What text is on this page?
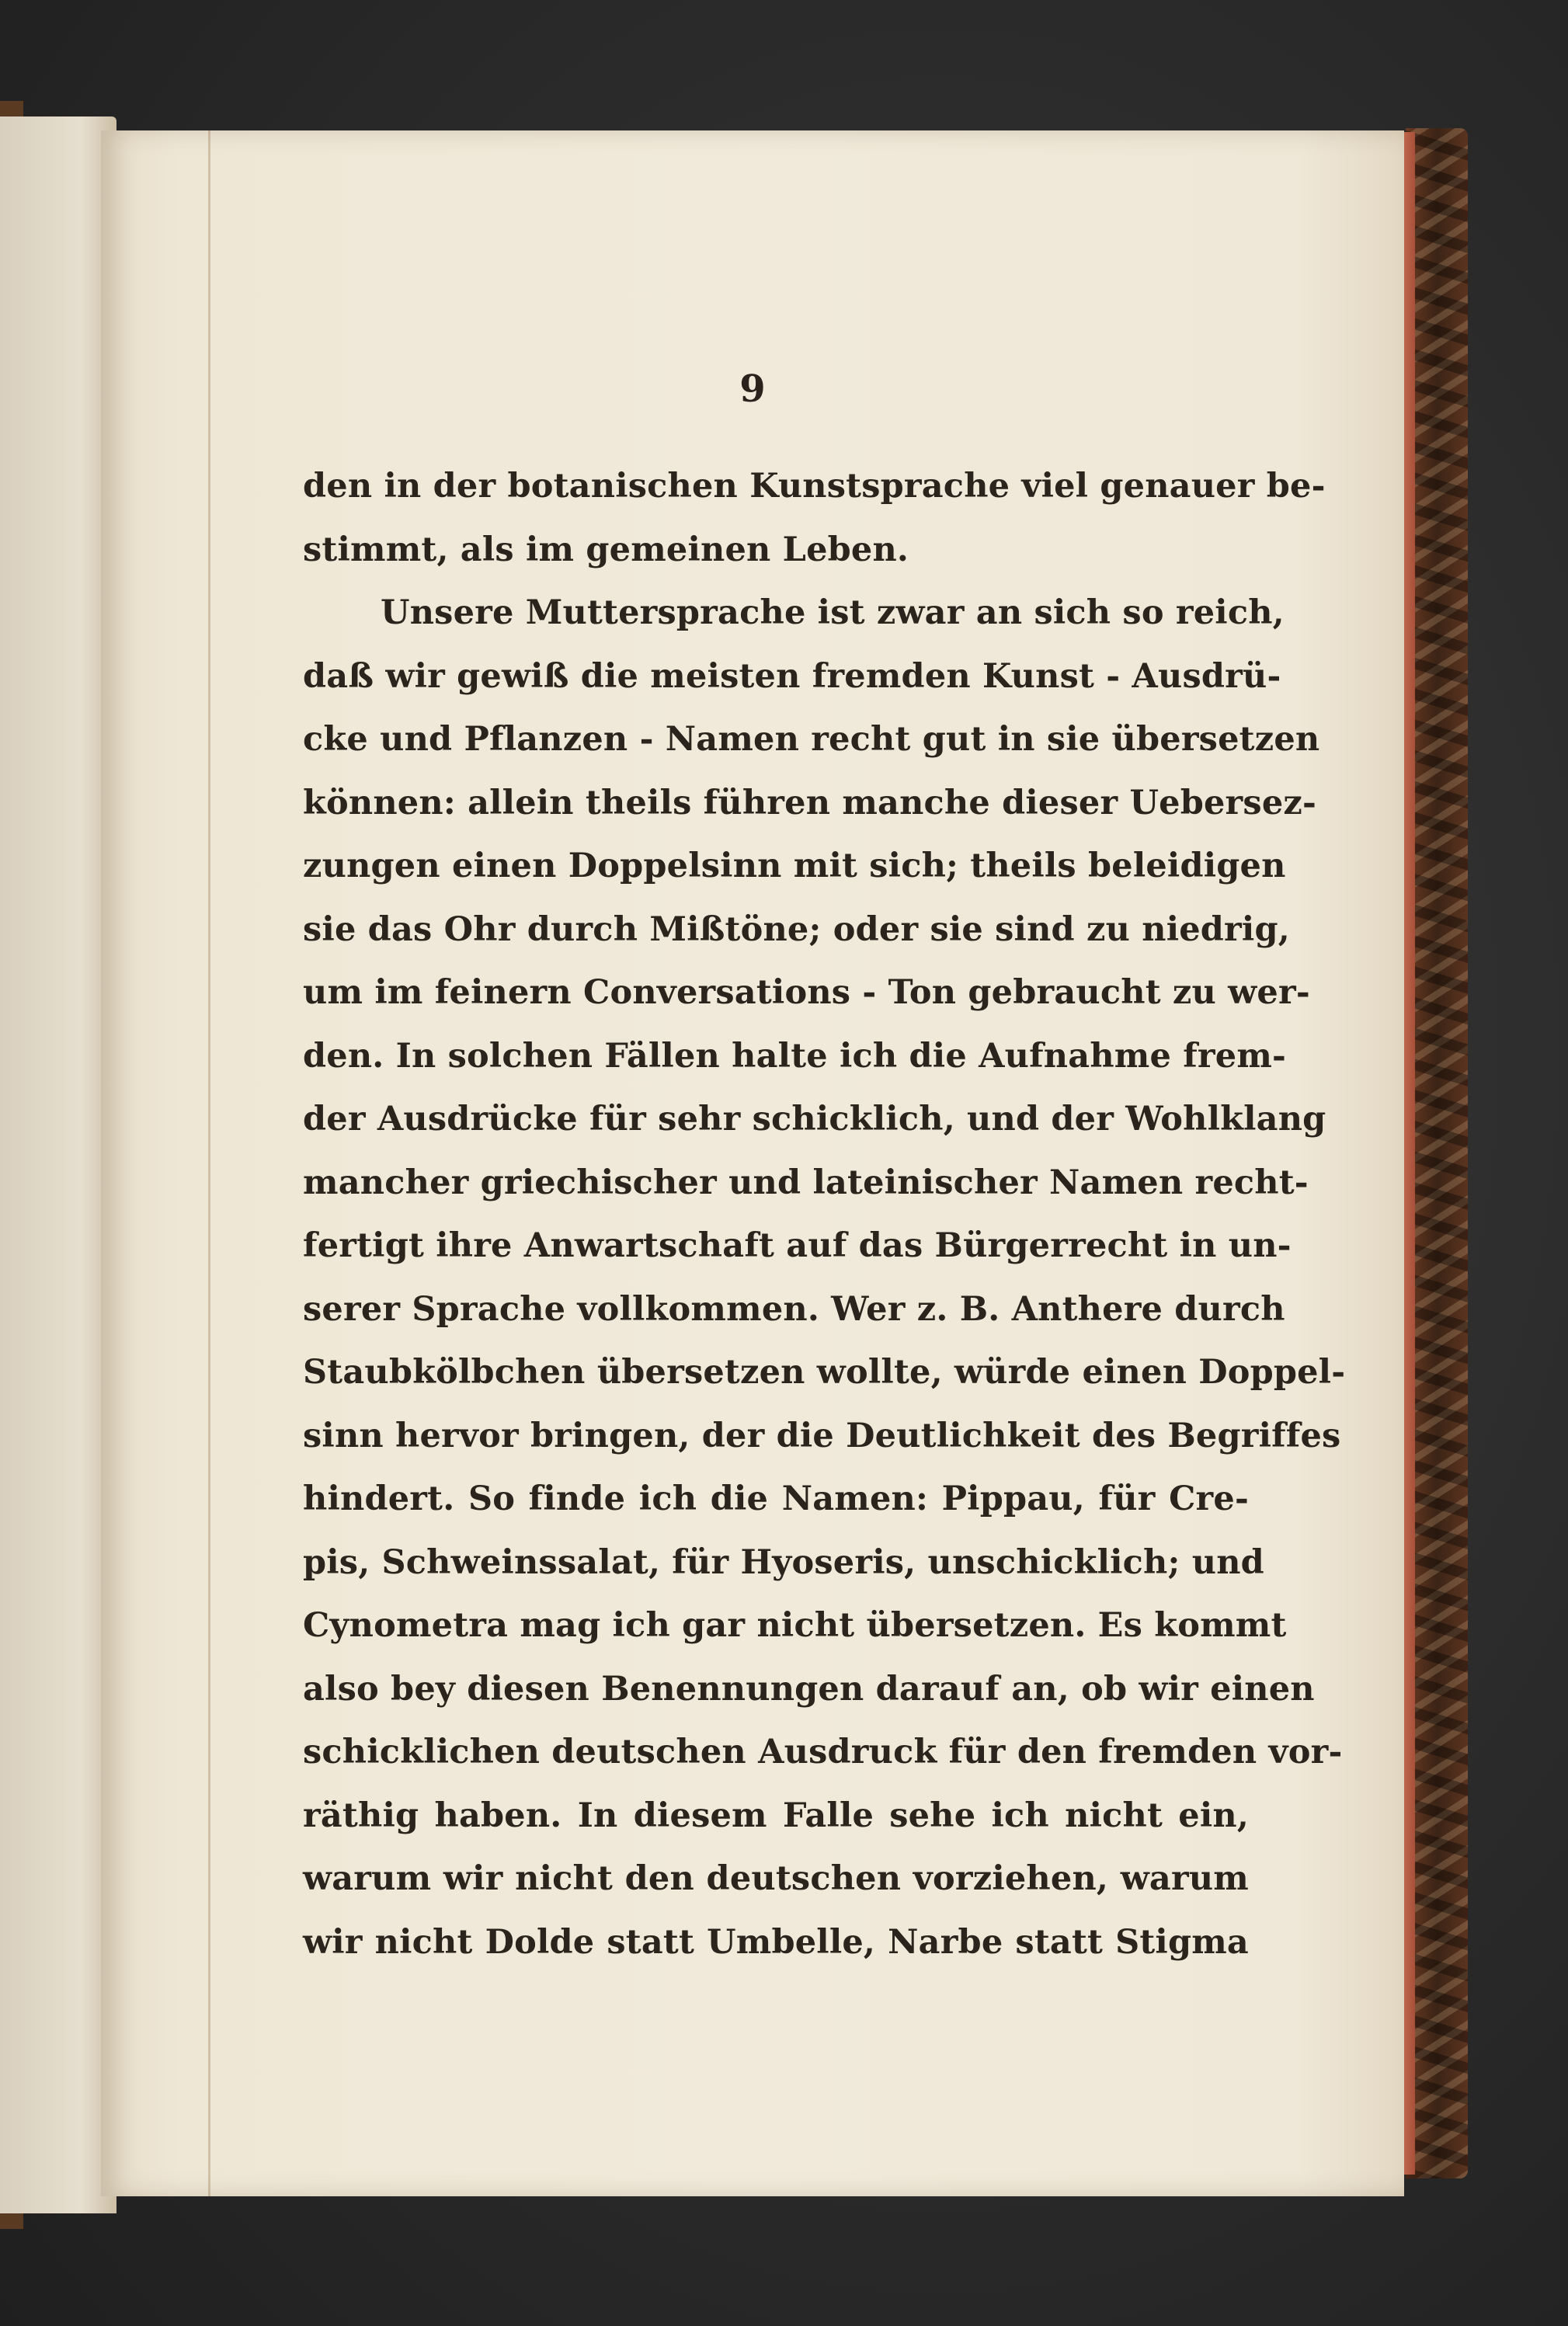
9
den in der botanischen Kunstsprache viel genauer be-
stimmt, als im gemeinen Leben.
Unsere Muttersprache ist zwar an sich so reich,
daß wir gewiß die meisten fremden Kunst - Ausdrü-
cke und Pflanzen - Namen recht gut in sie übersetzen
können: allein theils führen manche dieser Uebersez-
zungen einen Doppelsinn mit sich; theils beleidigen
sie das Ohr durch Mißtöne; oder sie sind zu niedrig,
um im feinern Conversations - Ton gebraucht zu wer-
den. In solchen Fällen halte ich die Aufnahme frem-
der Ausdrücke für sehr schicklich, und der Wohlklang
mancher griechischer und lateinischer Namen recht-
fertigt ihre Anwartschaft auf das Bürgerrecht in un-
serer Sprache vollkommen. Wer z. B. Anthere durch
Staubkölbchen übersetzen wollte, würde einen Doppel-
sinn hervor bringen, der die Deutlichkeit des Begriffes
hindert. So finde ich die Namen: Pippau, für Cre-
pis, Schweinssalat, für Hyoseris, unschicklich; und
Cynometra mag ich gar nicht übersetzen. Es kommt
also bey diesen Benennungen darauf an, ob wir einen
schicklichen deutschen Ausdruck für den fremden vor-
räthig haben. In diesem Falle sehe ich nicht ein,
warum wir nicht den deutschen vorziehen, warum
wir nicht Dolde statt Umbelle, Narbe statt Stigma
